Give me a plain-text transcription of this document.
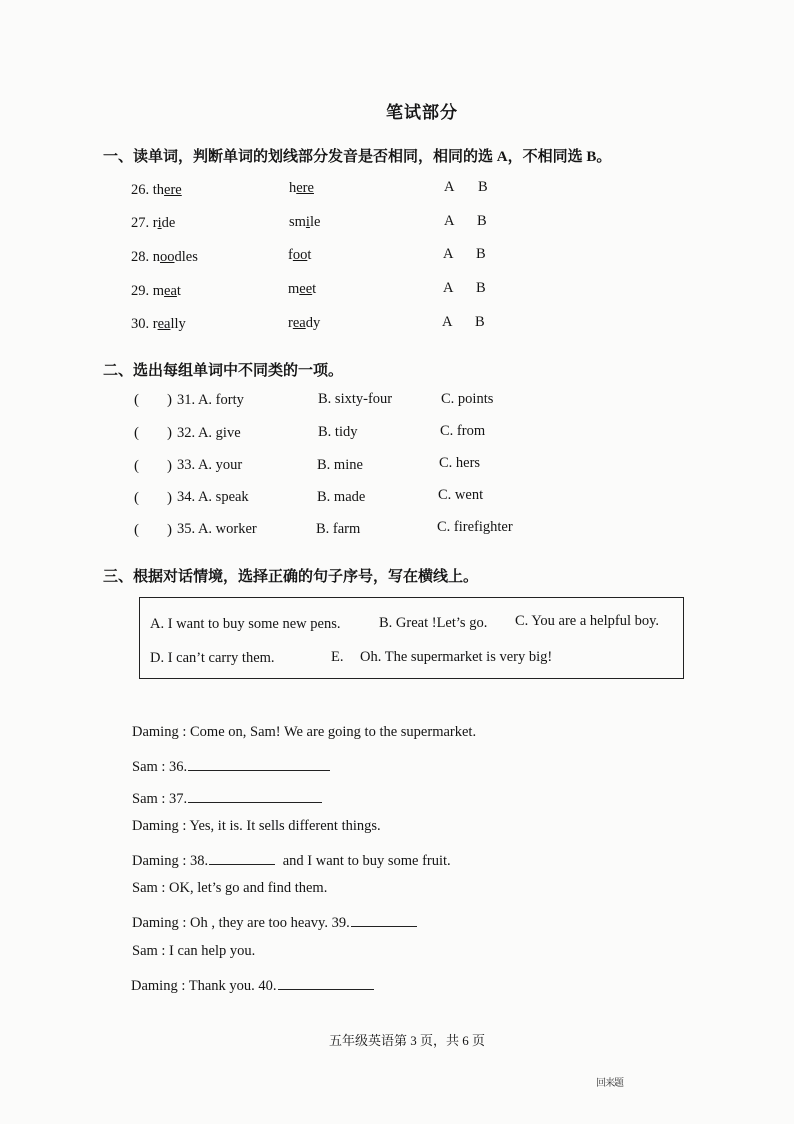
笔试部分
一、读单词，判断单词的划线部分发音是否相同，相同的选 A，不相同选 B。
26. there	here	A B
27. ride	smile	A B
28. noodles	foot	A B
29. meat	meet	A B
30. really	ready	A B
二、选出每组单词中不同类的一项。
( ) 31. A. forty	B. sixty-four	C. points
( ) 32. A. give	B. tidy	C. from
( ) 33. A. your	B. mine	C. hers
( ) 34. A. speak	B. made	C. went
( ) 35. A. worker	B. farm	C. firefighter
三、根据对话情境，选择正确的句子序号，写在横线上。
A. I want to buy some new pens.	B. Great !Let’s go. C. You are a helpful boy.
D. I can’t carry them.	E. Oh. The supermarket is very big!
Daming : Come on, Sam! We are going to the supermarket.
Sam : 36.
Sam : 37.
Daming : Yes, it is. It sells different things.
Daming : 38.	and I want to buy some fruit.
Sam : OK, let’s go and find them.
Daming : Oh , they are too heavy. 39.
Sam : I can help you.
Daming : Thank you. 40.
五年级英语第 3 页，共 6 页
回来题
